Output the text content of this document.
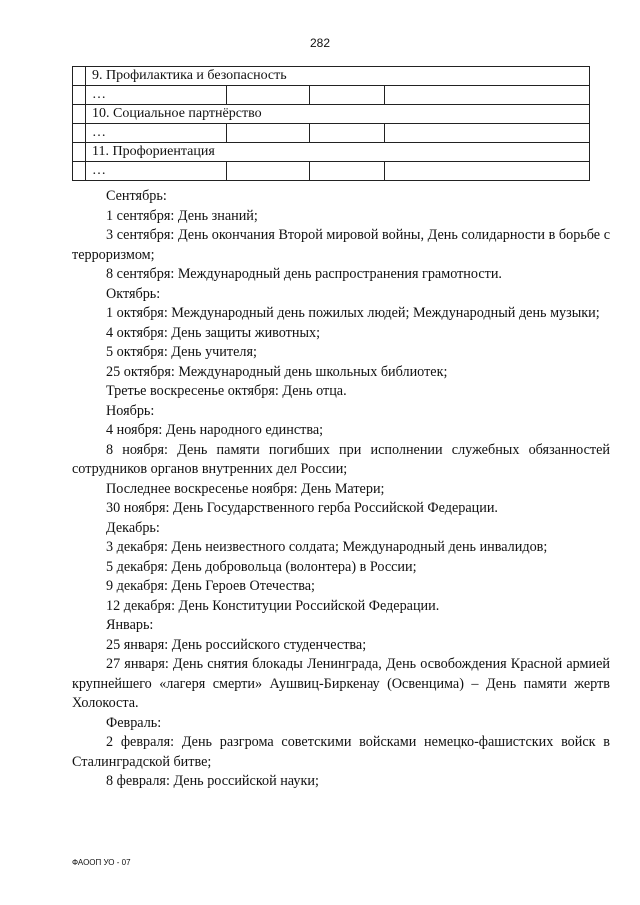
282
	9. Профилактика и безопасность			
	…			
	10. Социальное партнёрство			
	…			
	11. Профориентация			
	…			

Сентябрь:

1 сентября: День знаний;

3 сентября: День окончания Второй мировой войны, День солидарности в борьбе с терроризмом;

8 сентября: Международный день распространения грамотности.

Октябрь:

1 октября: Международный день пожилых людей; Международный день музыки;

4 октября: День защиты животных;

5 октября: День учителя;

25 октября: Международный день школьных библиотек;

Третье воскресенье октября: День отца.

Ноябрь:

4 ноября: День народного единства;

8 ноября: День памяти погибших при исполнении служебных обязанностей сотрудников органов внутренних дел России;

Последнее воскресенье ноября: День Матери;

30 ноября: День Государственного герба Российской Федерации.

Декабрь:

3 декабря: День неизвестного солдата; Международный день инвалидов;

5 декабря: День добровольца (волонтера) в России;

9 декабря: День Героев Отечества;

12 декабря: День Конституции Российской Федерации.

Январь:

25 января: День российского студенчества;

27 января: День снятия блокады Ленинграда, День освобождения Красной армией крупнейшего «лагеря смерти» Аушвиц-Биркенау (Освенцима) – День памяти жертв Холокоста.

Февраль:

2 февраля: День разгрома советскими войсками немецко-фашистских войск в Сталинградской битве;

8 февраля: День российской науки;

ФАООП УО - 07
